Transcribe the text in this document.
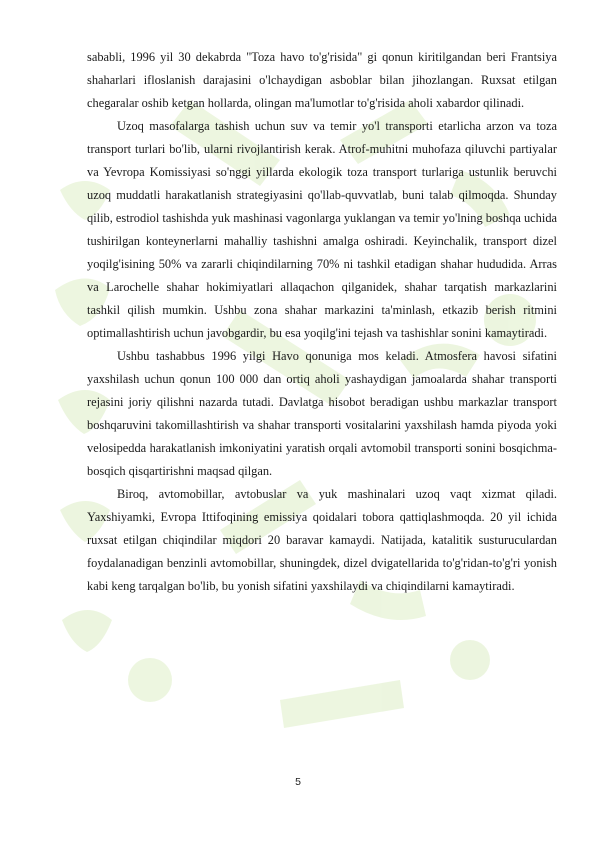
sababli, 1996 yil 30 dekabrda "Toza havo to'g'risida" gi qonun kiritilgandan beri Frantsiya shaharlari ifloslanish darajasini o'lchaydigan asboblar bilan jihozlangan. Ruxsat etilgan chegaralar oshib ketgan hollarda, olingan ma'lumotlar to'g'risida aholi xabardor qilinadi.

Uzoq masofalarga tashish uchun suv va temir yo'l transporti etarlicha arzon va toza transport turlari bo'lib, ularni rivojlantirish kerak. Atrof-muhitni muhofaza qiluvchi partiyalar va Yevropa Komissiyasi so'nggi yillarda ekologik toza transport turlariga ustunlik beruvchi uzoq muddatli harakatlanish strategiyasini qo'llab-quvvatlab, buni talab qilmoqda. Shunday qilib, estrodiol tashishda yuk mashinasi vagonlarga yuklangan va temir yo'lning boshqa uchida tushirilgan konteynerlarni mahalliy tashishni amalga oshiradi. Keyinchalik, transport dizel yoqilg'isining 50% va zararli chiqindilarning 70% ni tashkil etadigan shahar hududida. Arras va Larochelle shahar hokimiyatlari allaqachon qilganidek, shahar tarqatish markazlarini tashkil qilish mumkin. Ushbu zona shahar markazini ta'minlash, etkazib berish ritmini optimallashtirish uchun javobgardir, bu esa yoqilg'ini tejash va tashishlar sonini kamaytiradi.

Ushbu tashabbus 1996 yilgi Havo qonuniga mos keladi. Atmosfera havosi sifatini yaxshilash uchun qonun 100 000 dan ortiq aholi yashaydigan jamoalarda shahar transporti rejasini joriy qilishni nazarda tutadi. Davlatga hisobot beradigan ushbu markazlar transport boshqaruvini takomillashtirish va shahar transporti vositalarini yaxshilash hamda piyoda yoki velosipedda harakatlanish imkoniyatini yaratish orqali avtomobil transporti sonini bosqichma-bosqich qisqartirishni maqsad qilgan.

Biroq, avtomobillar, avtobuslar va yuk mashinalari uzoq vaqt xizmat qiladi. Yaxshiyamki, Evropa Ittifoqining emissiya qoidalari tobora qattiqlashmoqda. 20 yil ichida ruxsat etilgan chiqindilar miqdori 20 baravar kamaydi. Natijada, katalitik susturuculardan foydalanadigan benzinli avtomobillar, shuningdek, dizel dvigatellarida to'g'ridan-to'g'ri yonish kabi keng tarqalgan bo'lib, bu yonish sifatini yaxshilaydi va chiqindilarni kamaytiradi.

5
